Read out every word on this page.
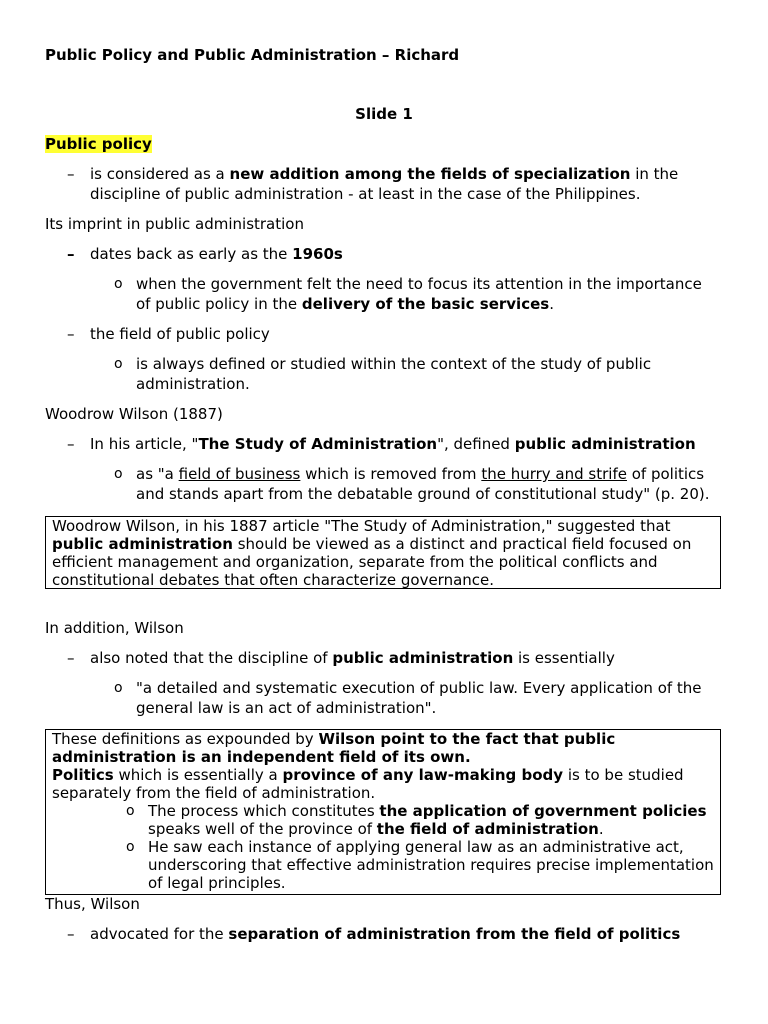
Public Policy and Public Administration – Richard
Slide 1
Public policy
–	is considered as a new addition among the fields of specialization in the
discipline of public administration - at least in the case of the Philippines.
Its imprint in public administration
–	dates back as early as the 1960s
o when the government felt the need to focus its attention in the importance
of public policy in the delivery of the basic services.
–	the field of public policy
o is always defined or studied within the context of the study of public
administration.
Woodrow Wilson (1887)
–	In his article, "The Study of Administration", defined public administration
o as "a field of business which is removed from the hurry and strife of politics
and stands apart from the debatable ground of constitutional study" (p. 20).
Woodrow Wilson, in his 1887 article "The Study of Administration," suggested that
public administration should be viewed as a distinct and practical field focused on
efficient management and organization, separate from the political conflicts and
constitutional debates that often characterize governance.
In addition, Wilson
–	also noted that the discipline of public administration is essentially
o "a detailed and systematic execution of public law. Every application of the
general law is an act of administration".
These definitions as expounded by Wilson point to the fact that public
administration is an independent field of its own.
Politics which is essentially a province of any law-making body is to be studied
separately from the field of administration.
o The process which constitutes the application of government policies
speaks well of the province of the field of administration.
o He saw each instance of applying general law as an administrative act,
underscoring that effective administration requires precise implementation
of legal principles.
Thus, Wilson
–	advocated for the separation of administration from the field of politics
